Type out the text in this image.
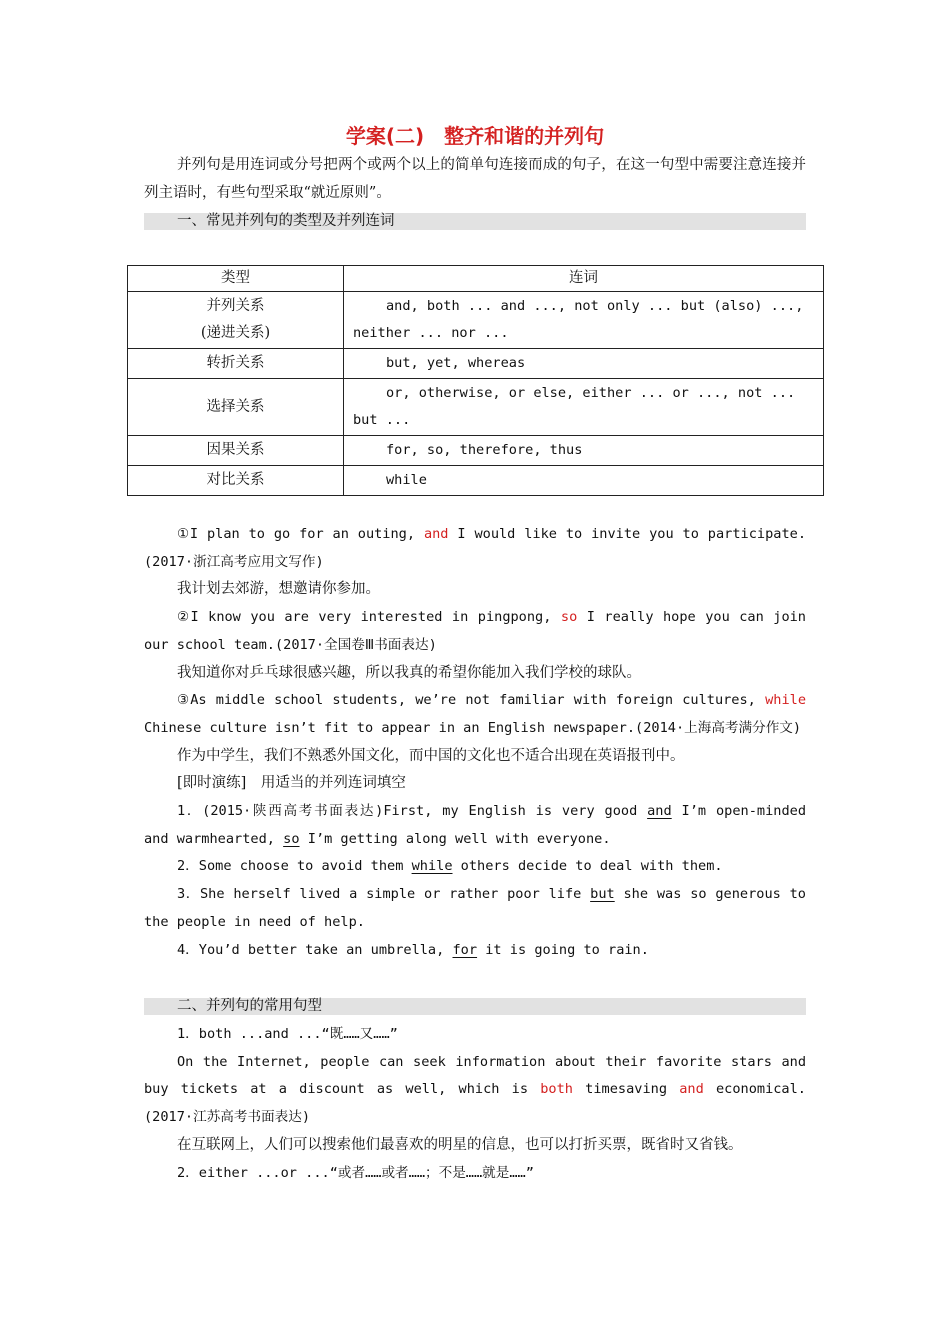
学案(二) 整齐和谐的并列句
并列句是用连词或分号把两个或两个以上的简单句连接而成的句子，在这一句型中需要注意连接并列主语时，有些句型采取“就近原则”。
一、常见并列句的类型及并列连词
类型	连词

并列关系
(递进关系)	and, both ... and ..., not only ... but (also) ..., neither ... nor ...

转折关系	but, yet, whereas

选择关系	or, otherwise, or else, either ... or ..., not ... but ...

因果关系	for, so, therefore, thus

对比关系	while
①I plan to go for an outing, and I would like to invite you to participate.(2017·浙江高考应用文写作)
我计划去郊游，想邀请你参加。
②I know you are very interested in pingpong, so I really hope you can join our school team.(2017·全国卷Ⅲ书面表达)
我知道你对乒乓球很感兴趣，所以我真的希望你能加入我们学校的球队。
③As middle school students, we’re not familiar with foreign cultures, while Chinese culture isn’t fit to appear in an English newspaper.(2014·上海高考满分作文)
作为中学生，我们不熟悉外国文化，而中国的文化也不适合出现在英语报刊中。
[即时演练]　用适当的并列连词填空
1．(2015·陕西高考书面表达)First, my English is very good and I’m open-minded and warmhearted, so I’m getting along well with everyone.
2．Some choose to avoid them while others decide to deal with them.
3．She herself lived a simple or rather poor life but she was so generous to the people in need of help.
4．You’d better take an umbrella, for it is going to rain.
二、并列句的常用句型
1．both ...and ...“既……又……”
On the Internet, people can seek information about their favorite stars and buy tickets at a discount as well, which is both timesaving and economical.(2017·江苏高考书面表达)
在互联网上，人们可以搜索他们最喜欢的明星的信息，也可以打折买票，既省时又省钱。
2．either ...or ...“或者……或者……；不是……就是……”
